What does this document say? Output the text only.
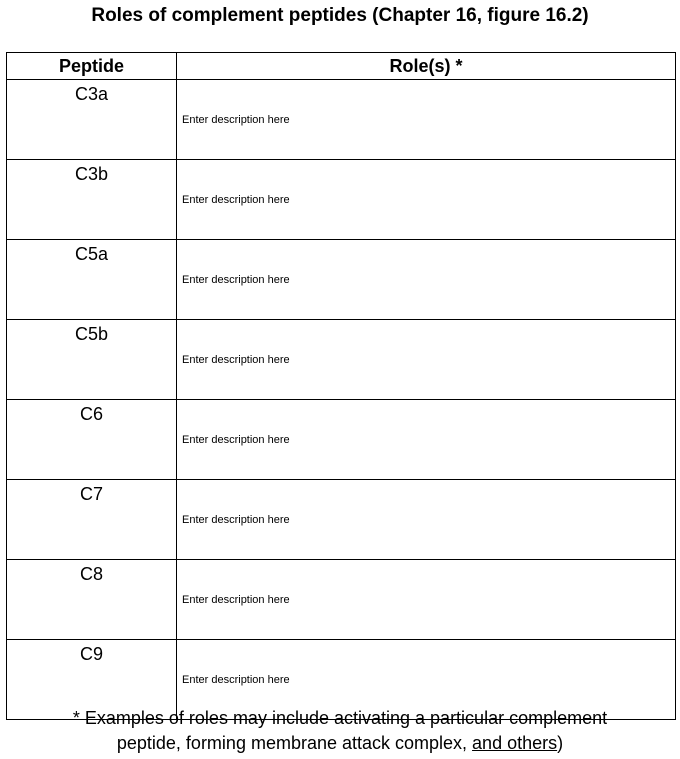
Roles of complement peptides (Chapter 16, figure 16.2)
Peptide	Role(s) *
C3a	Enter description here
C3b	Enter description here
C5a	Enter description here
C5b	Enter description here
C6	Enter description here
C7	Enter description here
C8	Enter description here
C9	Enter description here
* Examples of roles may include activating a particular complement
peptide, forming membrane attack complex, and others)
